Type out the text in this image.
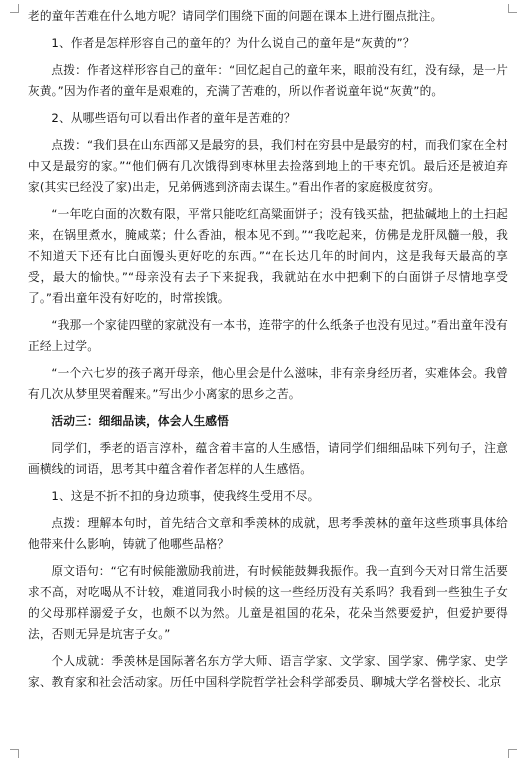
老的童年苦难在什么地方呢？请同学们围绕下面的问题在课本上进行圈点批注。

1、作者是怎样形容自己的童年的？为什么说自己的童年是“灰黄的”？

点拨：作者这样形容自己的童年：“回忆起自己的童年来，眼前没有红，没有绿，是一片灰黄。”因为作者的童年是艰难的，充满了苦难的，所以作者说童年说“灰黄”的。

2、从哪些语句可以看出作者的童年是苦难的？

点拨：“我们县在山东西部又是最穷的县，我们村在穷县中是最穷的村，而我们家在全村中又是最穷的家。”“他们俩有几次饿得到枣林里去捡落到地上的干枣充饥。最后还是被迫弃家(其实已经没了家)出走，兄弟俩逃到济南去谋生。”看出作者的家庭极度贫穷。

“一年吃白面的次数有限，平常只能吃红高粱面饼子；没有钱买盐，把盐碱地上的土扫起来，在锅里煮水，腌咸菜；什么香油，根本见不到。”“我吃起来，仿佛是龙肝凤髓一般，我不知道天下还有比白面馒头更好吃的东西。”“在长达几年的时间内，这是我每天最高的享受，最大的愉快。”“母亲没有去子下来捉我，我就站在水中把剩下的白面饼子尽情地享受了。”看出童年没有好吃的，时常挨饿。

“我那一个家徒四壁的家就没有一本书，连带字的什么纸条子也没有见过。”看出童年没有正经上过学。

“一个六七岁的孩子离开母亲，他心里会是什么滋味，非有亲身经历者，实难体会。我曾有几次从梦里哭着醒来。”写出少小离家的思乡之苦。

活动三：细细品读，体会人生感悟

同学们，季老的语言淳朴，蕴含着丰富的人生感悟，请同学们细细品味下列句子，注意画横线的词语，思考其中蕴含着作者怎样的人生感悟。

1、这是不折不扣的身边琐事，使我终生受用不尽。

点拨：理解本句时，首先结合文章和季羡林的成就，思考季羡林的童年这些琐事具体给他带来什么影响，铸就了他哪些品格？

原文语句：“它有时候能激励我前进，有时候能鼓舞我振作。我一直到今天对日常生活要求不高，对吃喝从不计较，难道同我小时候的这一些经历没有关系吗？我看到一些独生子女的父母那样溺爱子女，也颇不以为然。儿童是祖国的花朵，花朵当然要爱护，但爱护要得法，否则无异是坑害子女。”

个人成就：季羡林是国际著名东方学大师、语言学家、文学家、国学家、佛学家、史学家、教育家和社会活动家。历任中国科学院哲学社会科学部委员、聊城大学名誉校长、北京
